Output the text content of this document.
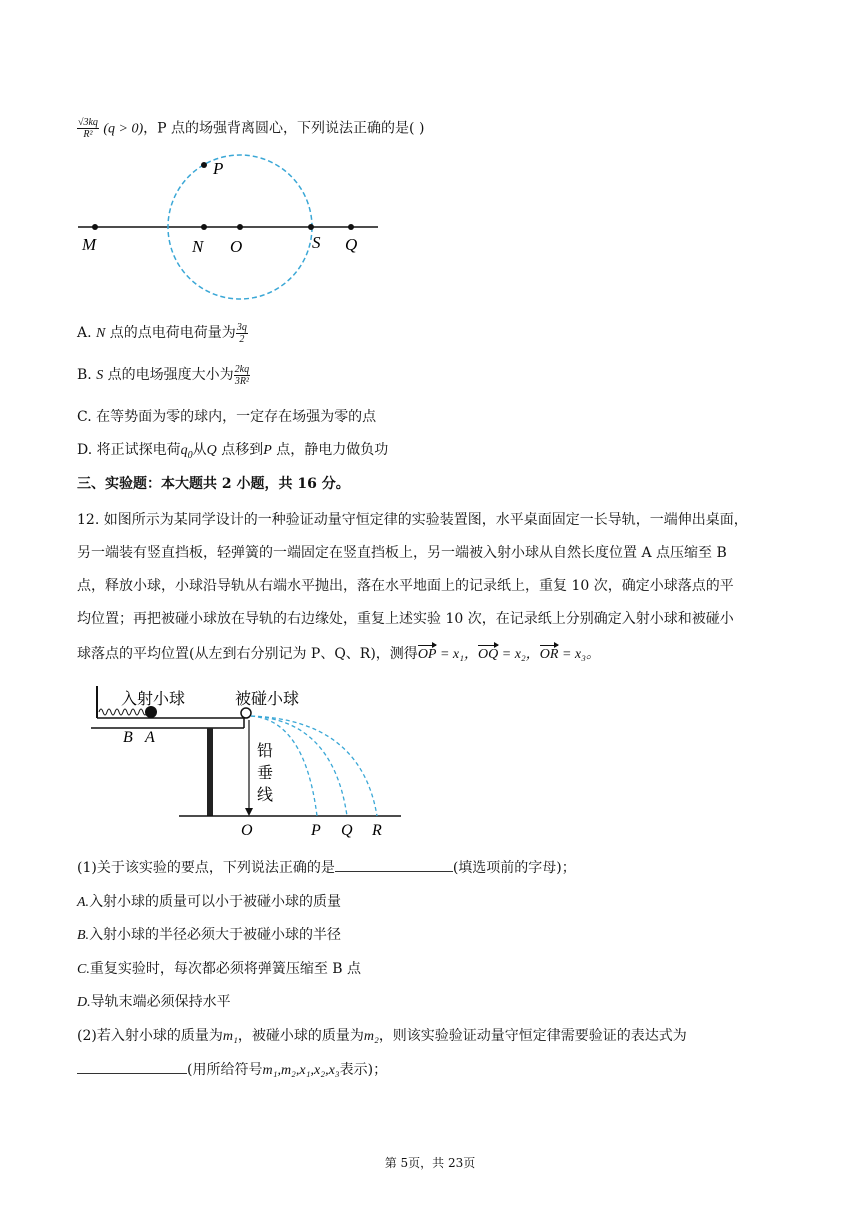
$\frac{√3kq}{\text{R²}} (q > 0)$，P 点的场强背离圆心，下列说法正确的是( )
P
M	N O	S Q
A. N 点的点电荷电荷量为 $\frac{3q}{2}$
B. S 点的电场强度大小为 $\frac{2kq}{\text{3R²}}$
C. 在等势面为零的球内，一定存在场强为零的点
D. 将正试探电荷$q_0$从Q 点移到P 点，静电力做负功
三、实验题：本大题共 2 小题，共 16 分。
12. 如图所示为某同学设计的一种验证动量守恒定律的实验装置图，水平桌面固定一长导轨，一端伸出桌面，
另一端装有竖直挡板，轻弹簧的一端固定在竖直挡板上，另一端被入射小球从自然长度位置 A 点压缩至 B
点，释放小球，小球沿导轨从右端水平抛出，落在水平地面上的记录纸上，重复 10 次，确定小球落点的平
均位置；再把被碰小球放在导轨的右边缘处，重复上述实验 10 次，在记录纸上分别确定入射小球和被碰小
球落点的平均位置(从左到右分别记为 P、Q、R)，测得OP = x₁，OQ = x₂，OR = x₃。
入射小球	被碰小球
铅
垂
线
B A
O	P Q R
(1)关于该实验的要点，下列说法正确的是	(填选项前的字母)；
A.入射小球的质量可以小于被碰小球的质量
B.入射小球的半径必须大于被碰小球的半径
C.重复实验时，每次都必须将弹簧压缩至 B 点
D.导轨末端必须保持水平
(2)若入射小球的质量为m₁，被碰小球的质量为m₂，则该实验验证动量守恒定律需要验证的表达式为
(用所给符号m₁,m₂,x₁,x₂,x₃表示)；
第 5页，共 23页
